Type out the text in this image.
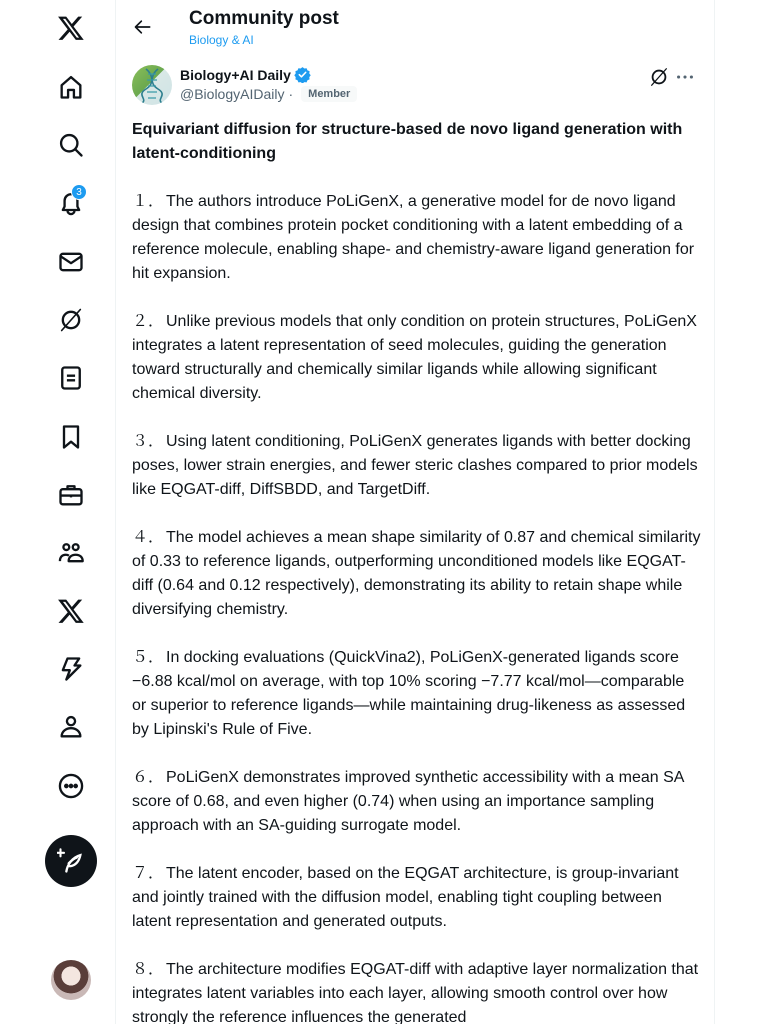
3
Community post
Biology & AI
Biology+AI Daily
@BiologyAIDaily ·	Member
Equivariant diffusion for structure-based de novo ligand generation with latent-conditioning
１． The authors introduce PoLiGenX, a generative model for de novo ligand design that combines protein pocket conditioning with a latent embedding of a reference molecule, enabling shape- and chemistry-aware ligand generation for hit expansion.
２． Unlike previous models that only condition on protein structures, PoLiGenX integrates a latent representation of seed molecules, guiding the generation toward structurally and chemically similar ligands while allowing significant chemical diversity.
３． Using latent conditioning, PoLiGenX generates ligands with better docking poses, lower strain energies, and fewer steric clashes compared to prior models like EQGAT-diff, DiffSBDD, and TargetDiff.
４． The model achieves a mean shape similarity of 0.87 and chemical similarity of 0.33 to reference ligands, outperforming unconditioned models like EQGAT-diff (0.64 and 0.12 respectively), demonstrating its ability to retain shape while diversifying chemistry.
５． In docking evaluations (QuickVina2), PoLiGenX-generated ligands score −6.88 kcal/mol on average, with top 10% scoring −7.77 kcal/mol—comparable or superior to reference ligands—while maintaining drug-likeness as assessed by Lipinski's Rule of Five.
６． PoLiGenX demonstrates improved synthetic accessibility with a mean SA score of 0.68, and even higher (0.74) when using an importance sampling approach with an SA-guiding surrogate model.
７． The latent encoder, based on the EQGAT architecture, is group-invariant and jointly trained with the diffusion model, enabling tight coupling between latent representation and generated outputs.
８． The architecture modifies EQGAT-diff with adaptive layer normalization that integrates latent variables into each layer, allowing smooth control over how strongly the reference influences the generated
